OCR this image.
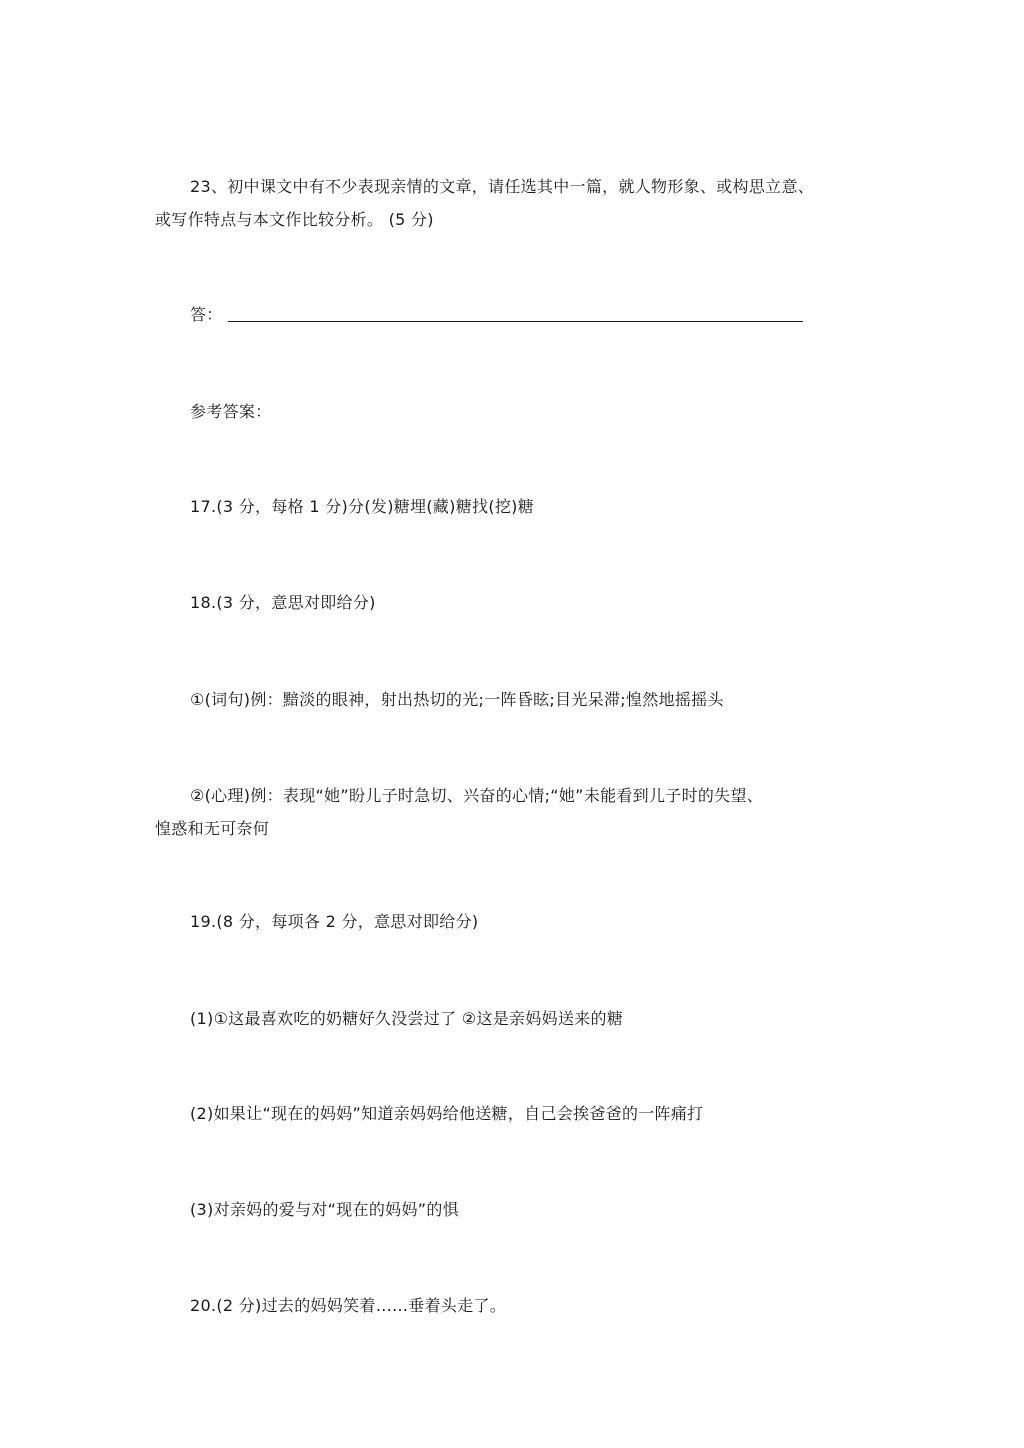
23、初中课文中有不少表现亲情的文章，请任选其中一篇，就人物形象、或构思立意、
或写作特点与本文作比较分析。 (5 分)
答：
参考答案：
17.(3 分，每格 1 分)分(发)糖埋(藏)糖找(挖)糖
18.(3 分，意思对即给分)
①(词句)例：黯淡的眼神，射出热切的光;一阵昏眩;目光呆滞;惶然地摇摇头
②(心理)例：表现“她”盼儿子时急切、兴奋的心情;“她”未能看到儿子时的失望、
惶惑和无可奈何
19.(8 分，每项各 2 分，意思对即给分)
(1)①这最喜欢吃的奶糖好久没尝过了 ②这是亲妈妈送来的糖
(2)如果让“现在的妈妈”知道亲妈妈给他送糖，自己会挨爸爸的一阵痛打
(3)对亲妈的爱与对“现在的妈妈”的惧
20.(2 分)过去的妈妈笑着……垂着头走了。
